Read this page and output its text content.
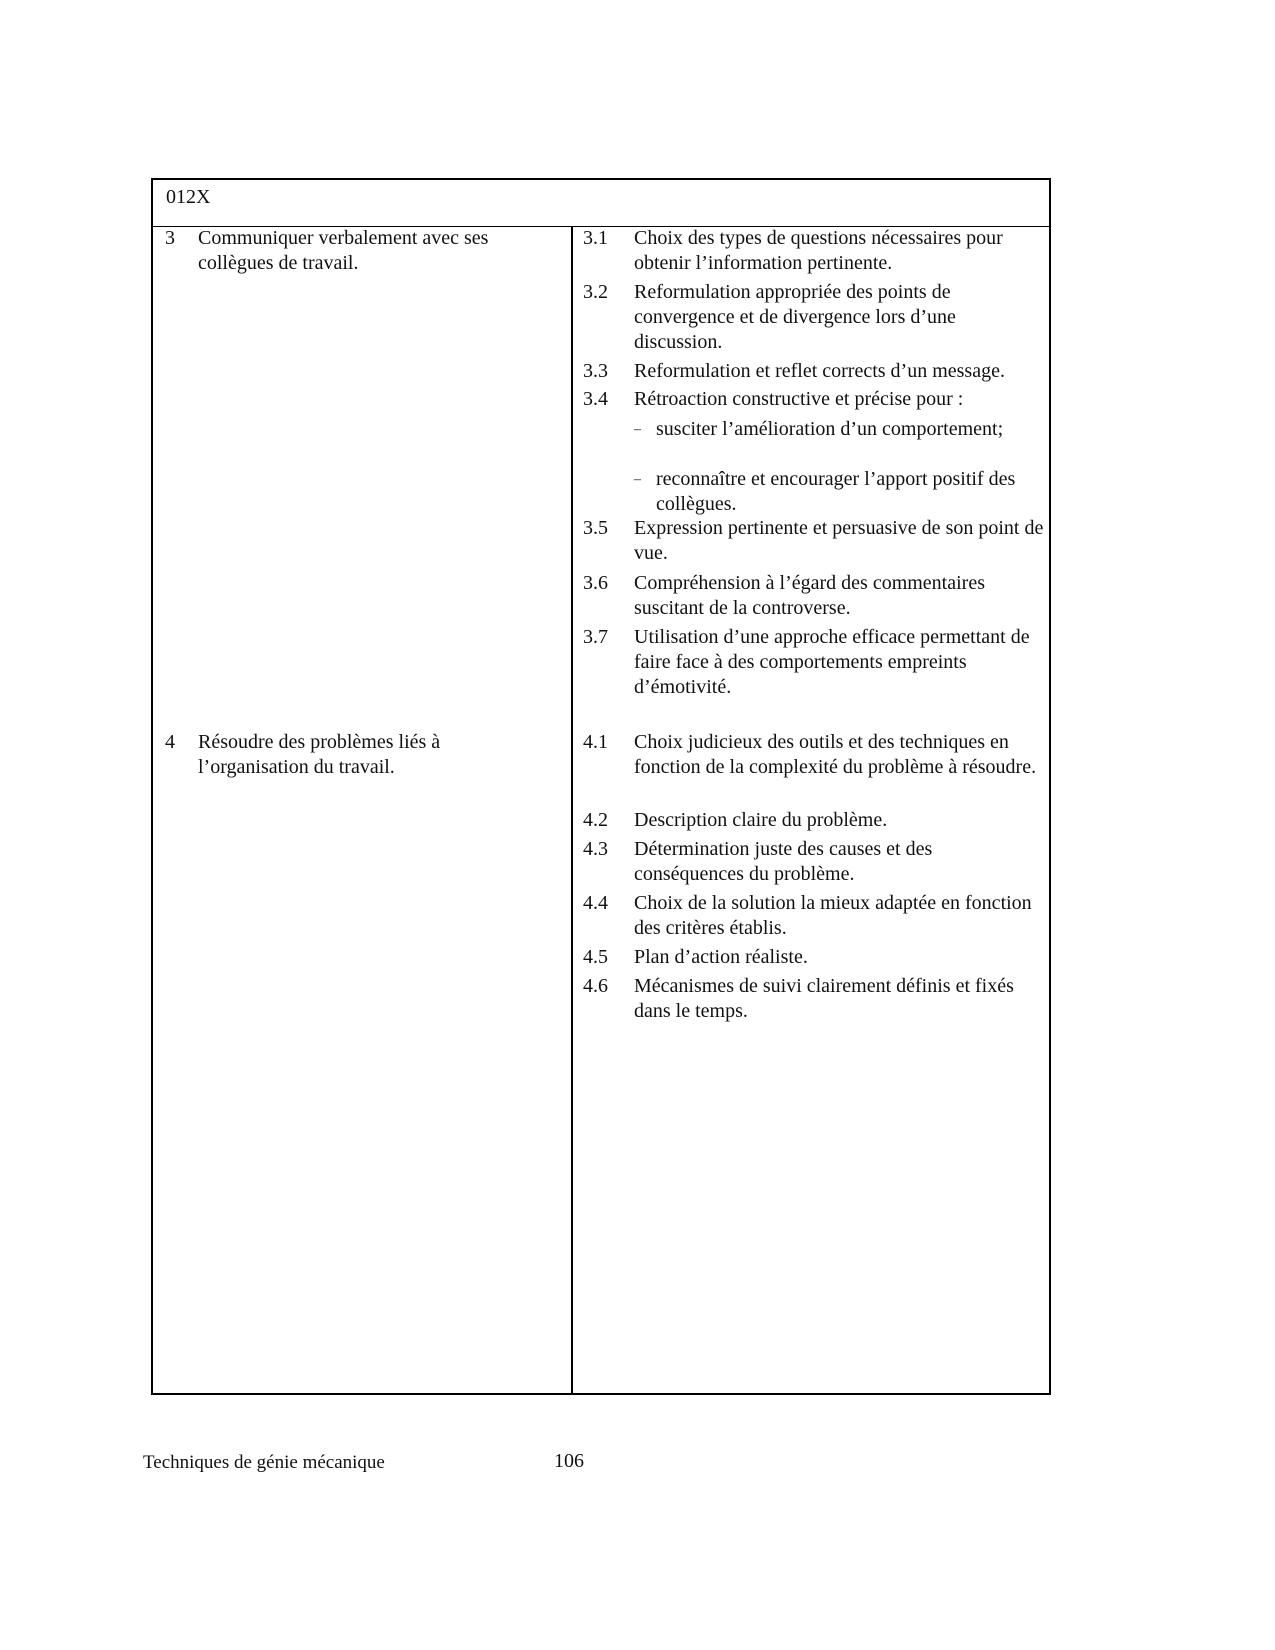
012X
3 Communiquer verbalement avec ses collègues de travail.
4 Résoudre des problèmes liés à l’organisation du travail.
3.1 Choix des types de questions nécessaires pour obtenir l’information pertinente.
3.2 Reformulation appropriée des points de convergence et de divergence lors d’une discussion.
3.3 Reformulation et reflet corrects d’un message.
3.4 Rétroaction constructive et précise pour :
– susciter l’amélioration d’un comportement;
– reconnaître et encourager l’apport positif des collègues.
3.5 Expression pertinente et persuasive de son point de vue.
3.6 Compréhension à l’égard des commentaires suscitant de la controverse.
3.7 Utilisation d’une approche efficace permettant de faire face à des comportements empreints d’émotivité.
4.1 Choix judicieux des outils et des techniques en fonction de la complexité du problème à résoudre.
4.2 Description claire du problème.
4.3 Détermination juste des causes et des conséquences du problème.
4.4 Choix de la solution la mieux adaptée en fonction des critères établis.
4.5 Plan d’action réaliste.
4.6 Mécanismes de suivi clairement définis et fixés dans le temps.
Techniques de génie mécanique	106
